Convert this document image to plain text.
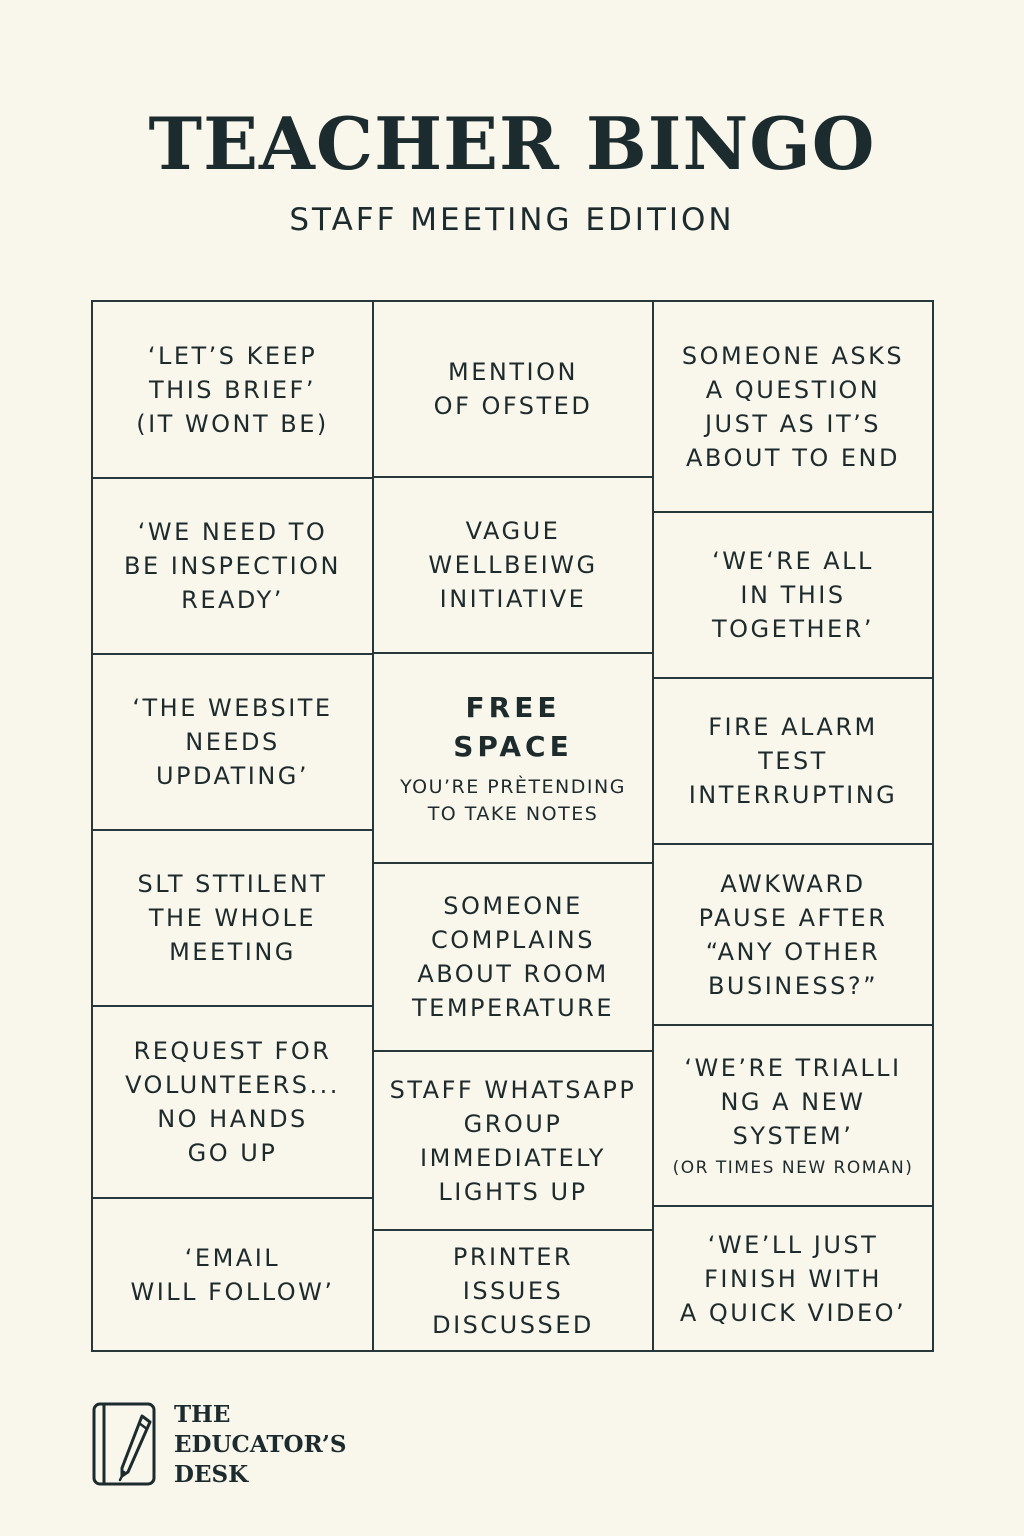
TEACHER BINGO
STAFF MEETING EDITION
‘LET’S KEEP
THIS BRIEF’
(IT WONT BE)
‘WE NEED TO
BE INSPECTION
READY’
‘THE WEBSITE
NEEDS
UPDATING’
SLT STTILENT
THE WHOLE
MEETING
REQUEST FOR
VOLUNTEERS...
NO HANDS
GO UP
‘EMAIL
WILL FOLLOW’
MENTION
OF OFSTED
VAGUE
WELLBEIWG
INITIATIVE
FREE
SPACE
YOU’RE PRÈTENDING
TO TAKE NOTES
SOMEONE
COMPLAINS
ABOUT ROOM
TEMPERATURE
STAFF WHATSAPP
GROUP
IMMEDIATELY
LIGHTS UP
PRINTER
ISSUES DISCUSSED
SOMEONE ASKS
A QUESTION
JUST AS IT’S
ABOUT TO END
‘WE‘RE ALL
IN THIS
TOGETHER’
FIRE ALARM
TEST
INTERRUPTING
AWKWARD
PAUSE AFTER
“ANY OTHER
BUSINESS?”
‘WE’RE TRIALLI
NG A NEW
SYSTEM’
(OR TIMES NEW ROMAN)
‘WE’LL JUST
FINISH WITH
A QUICK VIDEO’
THE
EDUCATOR’S
DESK
